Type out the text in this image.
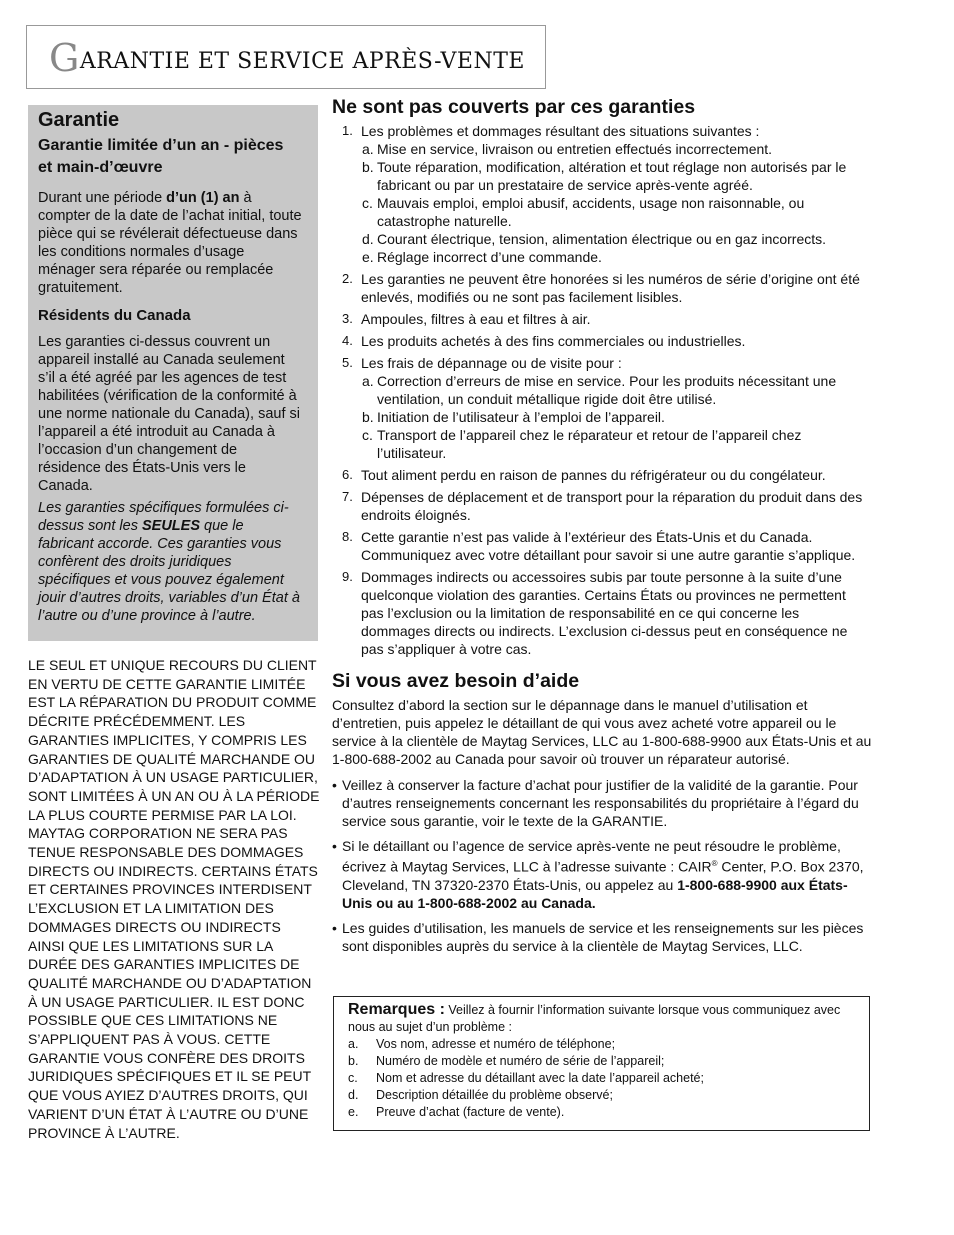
GARANTIE ET SERVICE APRÈS-VENTE
Garantie
Garantie limitée d’un an - pièces et main-d’œuvre

Durant une période d’un (1) an à compter de la date de l’achat initial, toute pièce qui se révélerait défectueuse dans les conditions normales d’usage ménager sera réparée ou remplacée gratuitement.

Résidents du Canada

Les garanties ci-dessus couvrent un appareil installé au Canada seulement s’il a été agréé par les agences de test habilitées (vérification de la conformité à une norme nationale du Canada), sauf si l’appareil a été introduit au Canada à l’occasion d’un changement de résidence des États-Unis vers le Canada.

Les garanties spécifiques formulées ci-dessus sont les SEULES que le fabricant accorde. Ces garanties vous confèrent des droits juridiques spécifiques et vous pouvez également jouir d’autres droits, variables d’un État à l’autre ou d’une province à l’autre.

LE SEUL ET UNIQUE RECOURS DU CLIENT EN VERTU DE CETTE GARANTIE LIMITÉE EST LA RÉPARATION DU PRODUIT COMME DÉCRITE PRÉCÉDEMMENT. LES GARANTIES IMPLICITES, Y COMPRIS LES GARANTIES DE QUALITÉ MARCHANDE OU D’ADAPTATION À UN USAGE PARTICULIER, SONT LIMITÉES À UN AN OU À LA PÉRIODE LA PLUS COURTE PERMISE PAR LA LOI. MAYTAG CORPORATION NE SERA PAS TENUE RESPONSABLE DES DOMMAGES DIRECTS OU INDIRECTS. CERTAINS ÉTATS ET CERTAINES PROVINCES INTERDISENT L’EXCLUSION ET LA LIMITATION DES DOMMAGES DIRECTS OU INDIRECTS AINSI QUE LES LIMITATIONS SUR LA DURÉE DES GARANTIES IMPLICITES DE QUALITÉ MARCHANDE OU D’ADAPTATION À UN USAGE PARTICULIER. IL EST DONC POSSIBLE QUE CES LIMITATIONS NE S’APPLIQUENT PAS À VOUS. CETTE GARANTIE VOUS CONFÈRE DES DROITS JURIDIQUES SPÉCIFIQUES ET IL SE PEUT QUE VOUS AYIEZ D’AUTRES DROITS, QUI VARIENT D’UN ÉTAT À L’AUTRE OU D’UNE PROVINCE À L’AUTRE.
Ne sont pas couverts par ces garanties
1. Les problèmes et dommages résultant des situations suivantes :
a. Mise en service, livraison ou entretien effectués incorrectement.
b. Toute réparation, modification, altération et tout réglage non autorisés par le fabricant ou par un prestataire de service après-vente agréé.
c. Mauvais emploi, emploi abusif, accidents, usage non raisonnable, ou catastrophe naturelle.
d. Courant électrique, tension, alimentation électrique ou en gaz incorrects.
e. Réglage incorrect d’une commande.
2. Les garanties ne peuvent être honorées si les numéros de série d’origine ont été enlevés, modifiés ou ne sont pas facilement lisibles.
3. Ampoules, filtres à eau et filtres à air.
4. Les produits achetés à des fins commerciales ou industrielles.
5. Les frais de dépannage ou de visite pour :
a. Correction d’erreurs de mise en service. Pour les produits nécessitant une ventilation, un conduit métallique rigide doit être utilisé.
b. Initiation de l’utilisateur à l’emploi de l’appareil.
c. Transport de l’appareil chez le réparateur et retour de l’appareil chez l’utilisateur.
6. Tout aliment perdu en raison de pannes du réfrigérateur ou du congélateur.
7. Dépenses de déplacement et de transport pour la réparation du produit dans des endroits éloignés.
8. Cette garantie n’est pas valide à l’extérieur des États-Unis et du Canada. Communiquez avec votre détaillant pour savoir si une autre garantie s’applique.
9. Dommages indirects ou accessoires subis par toute personne à la suite d’une quelconque violation des garanties. Certains États ou provinces ne permettent pas l’exclusion ou la limitation de responsabilité en ce qui concerne les dommages directs ou indirects. L’exclusion ci-dessus peut en conséquence ne pas s’appliquer à votre cas.
Si vous avez besoin d’aide

Consultez d’abord la section sur le dépannage dans le manuel d’utilisation et d’entretien, puis appelez le détaillant de qui vous avez acheté votre appareil ou le service à la clientèle de Maytag Services, LLC au 1-800-688-9900 aux États-Unis et au 1-800-688-2002 au Canada pour savoir où trouver un réparateur autorisé.

• Veillez à conserver la facture d’achat pour justifier de la validité de la garantie. Pour d’autres renseignements concernant les responsabilités du propriétaire à l’égard du service sous garantie, voir le texte de la GARANTIE.
• Si le détaillant ou l’agence de service après-vente ne peut résoudre le problème, écrivez à Maytag Services, LLC à l’adresse suivante : CAIR® Center, P.O. Box 2370, Cleveland, TN 37320-2370 États-Unis, ou appelez au 1-800-688-9900 aux États-Unis ou au 1-800-688-2002 au Canada.
• Les guides d’utilisation, les manuels de service et les renseignements sur les pièces sont disponibles auprès du service à la clientèle de Maytag Services, LLC.
Remarques : Veillez à fournir l’information suivante lorsque vous communiquez avec nous au sujet d’un problème :
a. Vos nom, adresse et numéro de téléphone;
b. Numéro de modèle et numéro de série de l’appareil;
c. Nom et adresse du détaillant avec la date l’appareil acheté;
d. Description détaillée du problème observé;
e. Preuve d’achat (facture de vente).
